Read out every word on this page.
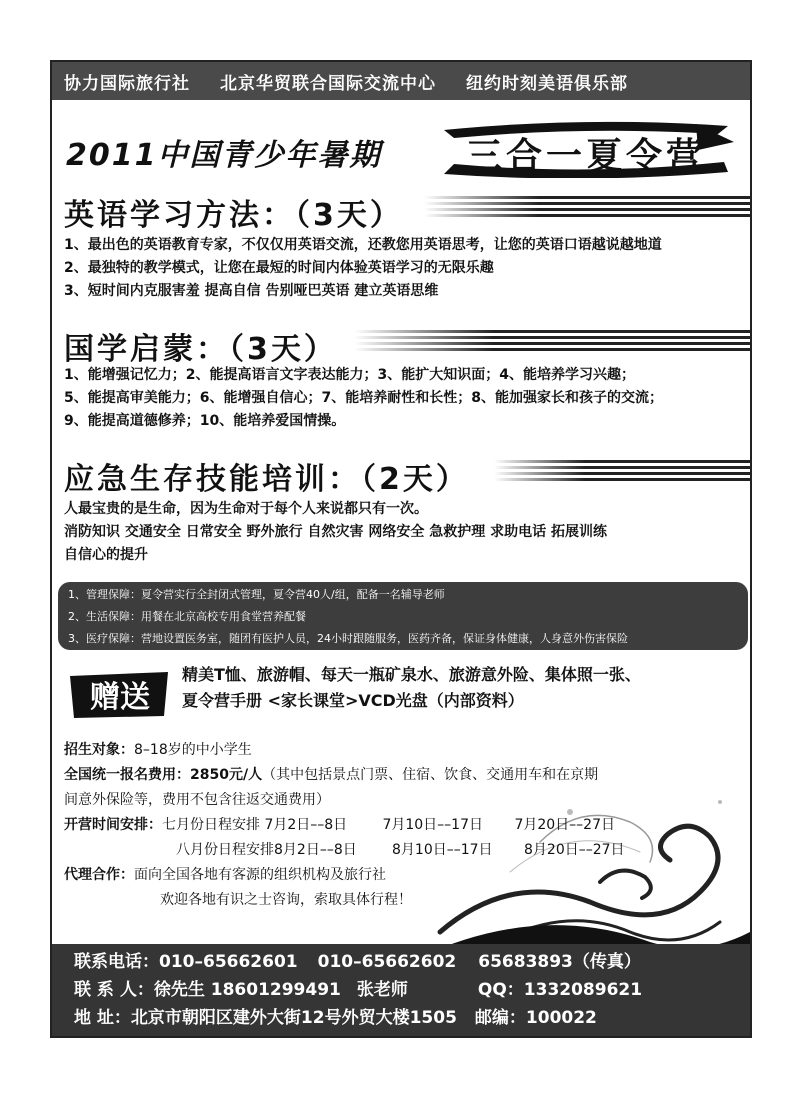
协力国际旅行社 北京华贸联合国际交流中心 纽约时刻美语俱乐部
2011中国青少年暑期 三合一夏令营
英语学习方法：（3天）

1、最出色的英语教育专家，不仅仅用英语交流，还教您用英语思考，让您的英语口语越说越地道

2、最独特的教学模式，让您在最短的时间内体验英语学习的无限乐趣

3、短时间内克服害羞 提高自信 告别哑巴英语 建立英语思维

国学启蒙：（3天）

1、能增强记忆力；2、能提高语言文字表达能力；3、能扩大知识面；4、能培养学习兴趣；

5、能提高审美能力；6、能增强自信心；7、能培养耐性和长性；8、能加强家长和孩子的交流；

9、能提高道德修养；10、能培养爱国情操。

应急生存技能培训：（2天）

人最宝贵的是生命，因为生命对于每个人来说都只有一次。

消防知识 交通安全 日常安全 野外旅行 自然灾害 网络安全 急救护理 求助电话 拓展训练

自信心的提升

1、管理保障：夏令营实行全封闭式管理，夏令营40人/组，配备一名辅导老师

2、生活保障：用餐在北京高校专用食堂营养配餐

3、医疗保障：营地设置医务室，随团有医护人员，24小时跟随服务，医药齐备，保证身体健康，人身意外伤害保险

赠送

精美T恤、旅游帽、每天一瓶矿泉水、旅游意外险、集体照一张、

夏令营手册 <家长课堂>VCD光盘（内部资料）

招生对象：8–18岁的中小学生

全国统一报名费用：2850元/人（其中包括景点门票、住宿、饮食、交通用车和在京期

间意外保险等，费用不包含往返交通费用）

开营时间安排：七月份日程安排 7月2日––8日	7月10日––17日 7月20日––27日

八月份日程安排8月2日––8日	8月10日––17日 8月20日––27日

代理合作：面向全国各地有客源的组织机构及旅行社

欢迎各地有识之士咨询，索取具体行程！

联系电话：010–65662601 010–65662602 65683893（传真）

联 系 人：徐先生 18601299491 张老师	QQ：1332089621

地 址：北京市朝阳区建外大街12号外贸大楼1505 邮编：100022
